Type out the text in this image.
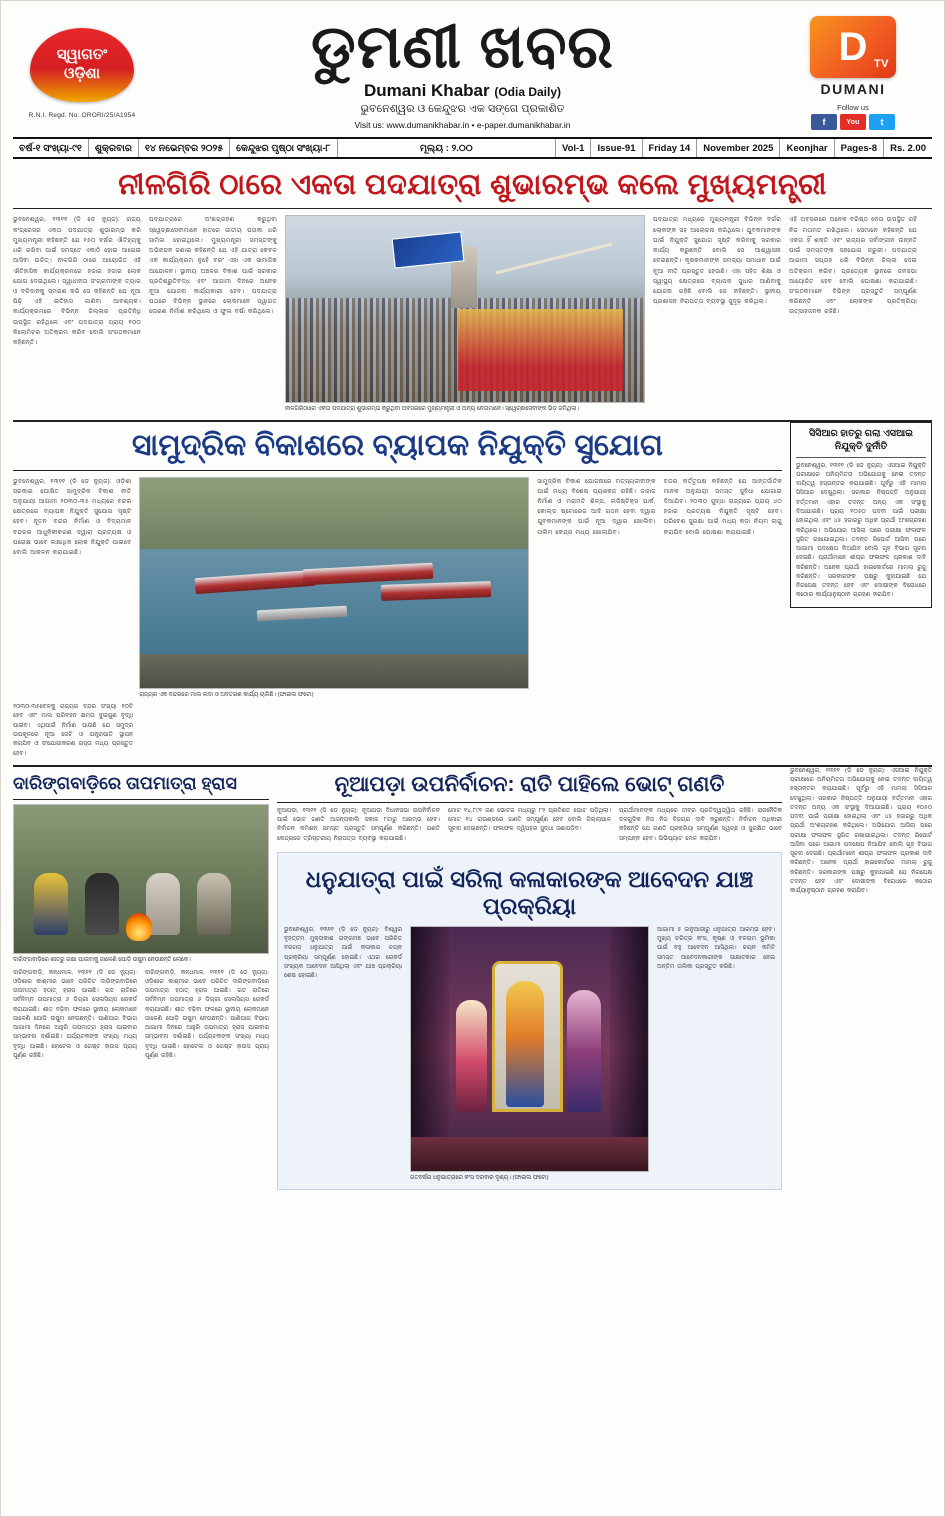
ସ୍ୱାଗତଂ
ଓଡ଼ିଶା
R.N.I. Regd. No. ORORI/25/A1954
ଡୁମଣୀ ଖବର
Dumani Khabar (Odia Daily)
ଭୁବନେଶ୍ୱର ଓ କେନ୍ଦୁଝର ଏକ ସଙ୍ଗେ ପ୍ରକାଶିତ
Visit us: www.dumanikhabar.in • e-paper.dumanikhabar.in
D TV
DUMANI
Follow us
f	You	t
ବର୍ଷ-୧ ସଂଖ୍ୟା-୯୧	ଶୁକ୍ରବାର	୧୪ ନଭେମ୍ବର ୨୦୨୫	କେନ୍ଦୁଝର ପୃଷ୍ଠା ସଂଖ୍ୟା-୮	ମୂଲ୍ୟ : ୨.୦୦	Vol-1	Issue-91	Friday 14	November 2025	Keonjhar	Pages-8	Rs. 2.00
ନୀଳଗିରି ଠାରେ ଏକତା ପଦଯାତ୍ରା ଶୁଭାରମ୍ଭ କଲେ ମୁଖ୍ୟମନ୍ତ୍ରୀ
ଭୁବନେଶ୍ୱର, ୧୩୧୧ (ଡି ଡେ ନ୍ୟୁଜ): ରାଜ୍ୟ କଂଗ୍ରେସର ଏକତା ପଦଯାତ୍ରା ଶୁଭାରମ୍ଭ କରି ମୁଖ୍ୟମନ୍ତ୍ରୀ କହିଛନ୍ତି ଯେ ୧୫୦ ବର୍ଷର ଐତିହ୍ୟକୁ ଧରି ରଖିବା ପାଇଁ ସମସ୍ତେ ଏକାଠି ହୋଇ ଆଗେଇ ଆସିବା ଉଚିତ୍। ନୀଳଗିରି ଠାରେ ଆୟୋଜିତ ଏହି ଐତିହାସିକ କାର୍ଯ୍ୟକ୍ରମରେ ହଜାର ହଜାର ଲୋକ ଯୋଗ ଦେଇଥିଲେ। ସ୍ୱାଧୀନତା ସଂଗ୍ରାମୀଙ୍କ ତ୍ୟାଗ ଓ ବଳିଦାନକୁ ସ୍ମରଣ କରି ସେ କହିଛନ୍ତି ଯେ ନୂଆ ପିଢ଼ି ଏହି ଇତିହାସ ଜାଣିବା ଆବଶ୍ୟକ। କାର୍ଯ୍ୟକ୍ରମରେ ବିଭିନ୍ନ ଜିଲ୍ଲାର ପ୍ରତିନିଧି ଉପସ୍ଥିତ ରହିଥିଲେ ଏବଂ ପଦଯାତ୍ରା ପ୍ରାୟ ୧୦୦ କିଲୋମିଟର ଅତିକ୍ରମ କରିବ ବୋଲି ସଂଗଠକମାନେ କହିଛନ୍ତି।
ପଦଯାତ୍ରାରେ ଅଂଶଗ୍ରହଣ କରୁଥିବା ସ୍ୱେଚ୍ଛାସେବୀମାନେ ହାତରେ ଜାତୀୟ ପତାକା ଧରି ସାମିଲ ହୋଇଥିଲେ। ମୁଖ୍ୟମନ୍ତ୍ରୀ ସମସ୍ତଙ୍କୁ ଅଭିନନ୍ଦନ ଜଣାଇ କହିଛନ୍ତି ଯେ ଏହି ଯାତ୍ରା କେବଳ ଏକ କାର୍ଯ୍ୟକ୍ରମ ନୁହେଁ ବରଂ ଏହା ଏକ ସାମାଜିକ ଆନ୍ଦୋଳନ। ସ୍ଥାନୀୟ ଅଞ୍ଚଳର ବିକାଶ ପାଇଁ ସରକାର ପ୍ରତିଶ୍ରୁତିବଦ୍ଧ ଏବଂ ଆଗାମୀ ଦିନରେ ଅନେକ ନୂଆ ଯୋଜନା କାର୍ଯ୍ୟକାରୀ ହେବ। ପଦଯାତ୍ରା ପଥରେ ବିଭିନ୍ନ ସ୍ଥାନରେ ଲୋକମାନେ ସ୍ୱାଗତ ତୋରଣ ନିର୍ମାଣ କରିଥିଲେ ଓ ଫୁଲ ବର୍ଷା କରିଥିଲେ।
ନୀଳଗିରିଠାରେ ଏକତା ପଦଯାତ୍ରା ଶୁଭାରମ୍ଭ କରୁଥିବା ଅବସରରେ ମୁଖ୍ୟମନ୍ତ୍ରୀ ଓ ଅନ୍ୟ ନେତାମାନେ। ସ୍ୱେଚ୍ଛାସେବୀଙ୍କ ଭିଡ଼ ଜମିଥିଲା।
ପଦଯାତ୍ରା ମଧ୍ୟରେ ମୁଖ୍ୟମନ୍ତ୍ରୀ ବିଭିନ୍ନ ବର୍ଗର ଲୋକଙ୍କ ସହ ଆଲୋଚନା କରିଥିଲେ। ଯୁବକମାନଙ୍କ ପାଇଁ ନିଯୁକ୍ତି ସୁଯୋଗ ସୃଷ୍ଟି କରିବାକୁ ସରକାର କାର୍ଯ୍ୟ କରୁଛନ୍ତି ବୋଲି ସେ ଆଶ୍ୱାସନା ଦେଇଛନ୍ତି। କୃଷକମାନଙ୍କ ସମସ୍ୟା ସମାଧାନ ପାଇଁ ନୂଆ ନୀତି ପ୍ରସ୍ତୁତ ହେଉଛି। ଏହା ସହିତ ଶିକ୍ଷା ଓ ସ୍ୱାସ୍ଥ୍ୟ କ୍ଷେତ୍ରରେ ବ୍ୟାପକ ସୁଧାର ଆଣିବାକୁ ଯୋଜନା ରହିଛି ବୋଲି ସେ କହିଛନ୍ତି। ସ୍ଥାନୀୟ ପ୍ରଶାସନ ନିରାପତ୍ତା ବ୍ୟବସ୍ଥା ସୁଦୃଢ଼ କରିଥିଲା।
ଏହି ଅବସରରେ ଅନେକ ବରିଷ୍ଠ ନେତା ଉପସ୍ଥିତ ରହି ନିଜ ମତାମତ ରଖିଥିଲେ। ସେମାନେ କହିଛନ୍ତି ଯେ ଏକତା ହିଁ ଶକ୍ତି ଏବଂ ରାଜ୍ୟର ସର୍ବାଙ୍ଗୀନ ଉନ୍ନତି ପାଇଁ ସମସ୍ତଙ୍କ ସହଯୋଗ ଜରୁରୀ। ପଦଯାତ୍ରା ଆଗାମୀ ସପ୍ତାହ ଧରି ବିଭିନ୍ନ ଜିଲ୍ଲା ଦେଇ ଅତିକ୍ରମ କରିବ। ପ୍ରତ୍ୟେକ ସ୍ଥାନରେ ଜନସଭା ଆୟୋଜିତ ହେବ ବୋଲି ଘୋଷଣା କରାଯାଇଛି। ସଂଗଠକମାନେ ବିଭିନ୍ନ ପ୍ରସ୍ତୁତି ସମ୍ପୂର୍ଣ୍ଣ କରିଛନ୍ତି ଏବଂ ଲୋକଙ୍କ ପ୍ରତିକ୍ରିୟା ଉତ୍ସାହଜନକ ରହିଛି।
ସାମୁଦ୍ରିକ ବିକାଶରେ ବ୍ୟାପକ ନିଯୁକ୍ତି ସୁଯୋଗ
ଭୁବନେଶ୍ୱର, ୧୩୧୧ (ଡି ଡେ ନ୍ୟୁଜ): ଓଡ଼ିଶା ସରକାର ଘୋଷିତ ସାମୁଦ୍ରିକ ବିକାଶ ନୀତି ଅନୁଯାୟୀ ଆଗାମୀ ୨୦୩୦-୩୫ ମଧ୍ୟରେ ବନ୍ଦର କ୍ଷେତ୍ରରେ ବ୍ୟାପକ ନିଯୁକ୍ତି ସୁଯୋଗ ସୃଷ୍ଟି ହେବ। ନୂତନ ବନ୍ଦର ନିର୍ମାଣ ଓ ବିଦ୍ୟମାନ ବନ୍ଦରର ଆଧୁନିକୀକରଣ ଦ୍ୱାରା ପ୍ରତ୍ୟକ୍ଷ ଓ ପରୋକ୍ଷ ଭାବେ ଲକ୍ଷାଧିକ ଲୋକ ନିଯୁକ୍ତି ପାଇବେ ବୋଲି ଆକଳନ କରାଯାଇଛି।
ରାଜ୍ୟର ଏକ ବନ୍ଦରରେ ମାଲ ଲଦା ଓ ଅବତରଣ କାର୍ଯ୍ୟ ଚାଲିଛି। (ଫାଇଲ ଫଟୋ)
ସାମୁଦ୍ରିକ ବିକାଶ ଯୋଜନାରେ ମତ୍ସ୍ୟଜୀବୀଙ୍କ ପାଇଁ ମଧ୍ୟ ବିଶେଷ ପ୍ୟାକେଜ ରହିଛି। ଜାହାଜ ନିର୍ମାଣ ଓ ମରାମତି ଶିଳ୍ପ, ଲଜିଷ୍ଟିକ୍ସ ପାର୍କ, କୋଲ୍ଡ ଷ୍ଟୋରେଜ ଆଦି ଗଠନ ହେବା ଦ୍ୱାରା ଯୁବକମାନଙ୍କ ପାଇଁ ନୂଆ ଦ୍ୱାର ଖୋଲିବ। ତାଲିମ କେନ୍ଦ୍ର ମଧ୍ୟ ଖୋଲାଯିବ।
ବନ୍ଦର କର୍ତ୍ତୃପକ୍ଷ କହିଛନ୍ତି ଯେ ଆନ୍ତର୍ଜାତିକ ମାନକ ଅନୁଯାୟୀ ସମସ୍ତ ସୁବିଧା ଯୋଗାଇ ଦିଆଯିବ। ୨୦୩୦ ସୁଦ୍ଧା ରାଜ୍ୟରେ ପ୍ରାୟ ୪୦ ହଜାର ପ୍ରତ୍ୟକ୍ଷ ନିଯୁକ୍ତି ସୃଷ୍ଟି ହେବ। ପରିବେଶ ସୁରକ୍ଷା ପାଇଁ ମଧ୍ୟ କଡ଼ା ନିୟମ ଲାଗୁ କରାଯିବ ବୋଲି ଘୋଷଣା କରାଯାଇଛି।
୨୦୩୦-୩୫ବେଳକୁ ରାଜ୍ୟର ବନ୍ଦର ସଂଖ୍ୟା ୧୦ଟି ହେବ ଏବଂ ମାଲ ପରିବହନ କ୍ଷମତା ଦୁଇଗୁଣ ବୃଦ୍ଧି ପାଇବ। ଏଥିପାଇଁ ନିର୍ମାଣ ପାଉଛି ଯେ ସମୁଦ୍ର ଉପକୂଳରେ ନୂଆ ଜେଟି ଓ ଯନ୍ତ୍ରପାତି ସ୍ଥାପନ କରାଯିବ ଓ ସଂଯୋଗୀକରଣ ରାସ୍ତା ମଧ୍ୟ ପ୍ରସ୍ତୁତ ହେବ।
ସିସିଆର ହାତରୁ ଗଲା ଏସଆଇ ନିଯୁକ୍ତି ଦୁର୍ନୀତି
ଭୁବନେଶ୍ୱର, ୧୩୧୧ (ଡି ଡେ ନ୍ୟୁଜ): ଏସଆଇ ନିଯୁକ୍ତି ପରୀକ୍ଷାରେ ଅନିୟମିତତା ଅଭିଯୋଗକୁ ନେଇ ତଦନ୍ତ ଦାୟିତ୍ୱ ହସ୍ତାନ୍ତର କରାଯାଇଛି। ପୂର୍ବରୁ ଏହି ମାମଲା ସିସିଆର ଦେଖୁଥିଲା। ସରକାର ନିଷ୍ପତ୍ତି ଅନୁଯାୟୀ ବର୍ତ୍ତମାନ ଏହାର ତଦନ୍ତ ଅନ୍ୟ ଏକ ସଂସ୍ଥାକୁ ଦିଆଯାଇଛି। ପ୍ରାୟ ୧୦୫୦ ପଦବୀ ପାଇଁ ପରୀକ୍ଷା ହୋଇଥିଲା ଏବଂ ୪୫ ହଜାରରୁ ଅଧିକ ପ୍ରାର୍ଥୀ ଅଂଶଗ୍ରହଣ କରିଥିଲେ। ଅଭିଯୋଗ ଆସିଲା ପରେ ପରୀକ୍ଷା ଫଳାଫଳ ସ୍ଥଗିତ ରଖାଯାଇଥିଲା। ତଦନ୍ତ ରିପୋର୍ଟ ଆସିବା ପରେ ଆଗାମୀ ପଦକ୍ଷେପ ନିଆଯିବ ବୋଲି ଗୃହ ବିଭାଗ ସୂଚନା ଦେଇଛି। ପ୍ରାର୍ଥୀମାନେ ଶୀଘ୍ର ଫଳାଫଳ ପ୍ରକାଶ ଦାବି କରିଛନ୍ତି। ଅନେକ ପ୍ରାର୍ଥୀ ହାଇକୋର୍ଟରେ ମାମଲା ରୁଜୁ କରିଛନ୍ତି। ସରକାରଙ୍କ ପକ୍ଷରୁ କୁହାଯାଇଛି ଯେ ନିରପେକ୍ଷ ତଦନ୍ତ ହେବ ଏବଂ ଦୋଷୀଙ୍କ ବିରୋଧରେ କଠୋର କାର୍ଯ୍ୟାନୁଷ୍ଠାନ ଗ୍ରହଣ କରାଯିବ।
ଦାରିଙ୍ଗବାଡ଼ିରେ ତାପମାତ୍ରା ହ୍ରାସ
ଦାରିଙ୍ଗବାଡ଼ିରେ ଶୀତରୁ ରକ୍ଷା ପାଇବାକୁ ଜାଳେଣି ପୋଡ଼ି ଉଷୁମ ନେଉଛନ୍ତି ଲୋକେ।
ଦାରିଙ୍ଗବାଡ଼ି, କନ୍ଧମାଳ, ୧୩୧୧ (ଡି ଡେ ନ୍ୟୁଜ): ଓଡ଼ିଶାର କାଶ୍ମୀର ଭାବେ ପରିଚିତ ଦାରିଙ୍ଗବାଡ଼ିରେ ତାପମାତ୍ରା ହଠାତ୍ ହ୍ରାସ ପାଇଛି। ଗତ ରାତିରେ ସର୍ବନିମ୍ନ ତାପମାତ୍ରା ୬ ଡିଗ୍ରୀ ସେଲସିୟସ ରେକର୍ଡ କରାଯାଇଛି। ଶୀତ ବଢ଼ିବା ଫଳରେ ସ୍ଥାନୀୟ ଲୋକମାନେ ଜାଳେଣି ପୋଡ଼ି ଉଷୁମ ନେଉଛନ୍ତି। ପାଣିପାଗ ବିଭାଗ ଆଗାମୀ ଦିନରେ ଆହୁରି ତାପମାତ୍ରା ହ୍ରାସ ପାଇବାର ସମ୍ଭାବନା ଦର୍ଶାଇଛି। ପର୍ଯ୍ୟଟକଙ୍କ ସଂଖ୍ୟା ମଧ୍ୟ ବୃଦ୍ଧି ପାଇଛି। ହୋଟେଲ ଓ ଗେଷ୍ଟ ହାଉସ ପ୍ରାୟ ପୂର୍ଣ୍ଣ ରହିଛି।
ଦାରିଙ୍ଗବାଡ଼ି, କନ୍ଧମାଳ, ୧୩୧୧ (ଡି ଡେ ନ୍ୟୁଜ): ଓଡ଼ିଶାର କାଶ୍ମୀର ଭାବେ ପରିଚିତ ଦାରିଙ୍ଗବାଡ଼ିରେ ତାପମାତ୍ରା ହଠାତ୍ ହ୍ରାସ ପାଇଛି। ଗତ ରାତିରେ ସର୍ବନିମ୍ନ ତାପମାତ୍ରା ୬ ଡିଗ୍ରୀ ସେଲସିୟସ ରେକର୍ଡ କରାଯାଇଛି। ଶୀତ ବଢ଼ିବା ଫଳରେ ସ୍ଥାନୀୟ ଲୋକମାନେ ଜାଳେଣି ପୋଡ଼ି ଉଷୁମ ନେଉଛନ୍ତି। ପାଣିପାଗ ବିଭାଗ ଆଗାମୀ ଦିନରେ ଆହୁରି ତାପମାତ୍ରା ହ୍ରାସ ପାଇବାର ସମ୍ଭାବନା ଦର୍ଶାଇଛି। ପର୍ଯ୍ୟଟକଙ୍କ ସଂଖ୍ୟା ମଧ୍ୟ ବୃଦ୍ଧି ପାଇଛି। ହୋଟେଲ ଓ ଗେଷ୍ଟ ହାଉସ ପ୍ରାୟ ପୂର୍ଣ୍ଣ ରହିଛି।
ନୂଆପଡ଼ା ଉପନିର୍ବାଚନ: ରାତି ପାହିଲେ ଭୋଟ୍ ଗଣତି
ନୂଆପଡ଼ା, ୧୩୧୧ (ଡି ଡେ ନ୍ୟୁଜ): ନୂଆପଡ଼ା ବିଧାନସଭା ଉପନିର୍ବାଚନ ପାଇଁ ଭୋଟ ଗଣତି ଆସନ୍ତାକାଲି ସକାଳ ୮ଟାରୁ ଆରମ୍ଭ ହେବ। ନିର୍ବାଚନ କମିଶନ ସମସ୍ତ ପ୍ରସ୍ତୁତି ସମ୍ପୂର୍ଣ୍ଣ କରିଛନ୍ତି। ଗଣତି କେନ୍ଦ୍ରରେ ତ୍ରିସ୍ତରୀୟ ନିରାପତ୍ତା ବ୍ୟବସ୍ଥା କରାଯାଇଛି।
ମୋଟ ୧୪,୮୯୧ ଜଣ ଭୋଟର ମଧ୍ୟରୁ ୮୨ ପ୍ରତିଶତ ଭୋଟ ପଡ଼ିଥିଲା। ମୋଟ ୧୪ ରାଉଣ୍ଡରେ ଗଣତି ସମ୍ପୂର୍ଣ୍ଣ ହେବ ବୋଲି ଜିଲ୍ଲାପାଳ ସୂଚନା ଦେଇଛନ୍ତି। ଫଳାଫଳ ଦ୍ୱିପହର ସୁଦ୍ଧା ଜଣାପଡ଼ିବ।
ପ୍ରାର୍ଥୀମାନଙ୍କ ମଧ୍ୟରେ ତୀବ୍ର ପ୍ରତିଦ୍ୱନ୍ଦ୍ୱିତା ରହିଛି। ରାଜନୈତିକ ଦଳଗୁଡ଼ିକ ନିଜ ନିଜ ବିଜୟର ଦାବି କରୁଛନ୍ତି। ନିର୍ବାଚନ ଅଧିକାରୀ କହିଛନ୍ତି ଯେ ଗଣତି ପ୍ରକ୍ରିୟା ସମ୍ପୂର୍ଣ୍ଣ ସ୍ୱଚ୍ଛ ଓ ସୁରକ୍ଷିତ ଭାବେ ସମ୍ପନ୍ନ ହେବ। ଭିଭିପ୍ୟାଟ ମେଳ କରାଯିବ।
ଧନୁଯାତ୍ରା ପାଇଁ ସରିଲା କଳାକାରଙ୍କ ଆବେଦନ ଯାଞ୍ଚ ପ୍ରକ୍ରିୟା
ଭୁବନେଶ୍ୱର, ୧୩୧୧ (ଡି ଡେ ନ୍ୟୁଜ): ବିଶ୍ୱର ବୃହତ୍ତମ ମୁକ୍ତାକାଶ ରଙ୍ଗମଞ୍ଚ ଭାବେ ପରିଚିତ ବରଗଡ଼ ଧନୁଯାତ୍ରା ପାଇଁ କଳାକାର ଚୟନ ପ୍ରକ୍ରିୟା ସମ୍ପୂର୍ଣ୍ଣ ହୋଇଛି। ଏଥର ରେକର୍ଡ ସଂଖ୍ୟକ ଆବେଦନ ଆସିଥିଲା ଏବଂ ଯାଞ୍ଚ ପ୍ରକ୍ରିୟା ଶେଷ ହୋଇଛି।
ଗତବର୍ଷର ଧନୁଯାତ୍ରାରେ କଂସ ଦରବାର ଦୃଶ୍ୟ। (ଫାଇଲ ଫଟୋ)
ଆଗାମୀ ୫ ଜାନୁଆରୀରୁ ଧନୁଯାତ୍ରା ଆରମ୍ଭ ହେବ। ମୁଖ୍ୟ ଚରିତ୍ର କଂସ, କୃଷ୍ଣ ଓ ବଳରାମ ଭୂମିକା ପାଇଁ ବହୁ ଆବେଦନ ଆସିଥିଲା। ଚୟନ କମିଟି ସମସ୍ତ ଆବେଦନକାରୀଙ୍କ ସାକ୍ଷାତକାର ନେଇ ଅନ୍ତିମ ତାଲିକା ପ୍ରସ୍ତୁତ କରିଛି।
ଭୁବନେଶ୍ୱର, ୧୩୧୧ (ଡି ଡେ ନ୍ୟୁଜ): ଏସଆଇ ନିଯୁକ୍ତି ପରୀକ୍ଷାରେ ଅନିୟମିତତା ଅଭିଯୋଗକୁ ନେଇ ତଦନ୍ତ ଦାୟିତ୍ୱ ହସ୍ତାନ୍ତର କରାଯାଇଛି। ପୂର୍ବରୁ ଏହି ମାମଲା ସିସିଆର ଦେଖୁଥିଲା। ସରକାର ନିଷ୍ପତ୍ତି ଅନୁଯାୟୀ ବର୍ତ୍ତମାନ ଏହାର ତଦନ୍ତ ଅନ୍ୟ ଏକ ସଂସ୍ଥାକୁ ଦିଆଯାଇଛି। ପ୍ରାୟ ୧୦୫୦ ପଦବୀ ପାଇଁ ପରୀକ୍ଷା ହୋଇଥିଲା ଏବଂ ୪୫ ହଜାରରୁ ଅଧିକ ପ୍ରାର୍ଥୀ ଅଂଶଗ୍ରହଣ କରିଥିଲେ। ଅଭିଯୋଗ ଆସିଲା ପରେ ପରୀକ୍ଷା ଫଳାଫଳ ସ୍ଥଗିତ ରଖାଯାଇଥିଲା। ତଦନ୍ତ ରିପୋର୍ଟ ଆସିବା ପରେ ଆଗାମୀ ପଦକ୍ଷେପ ନିଆଯିବ ବୋଲି ଗୃହ ବିଭାଗ ସୂଚନା ଦେଇଛି। ପ୍ରାର୍ଥୀମାନେ ଶୀଘ୍ର ଫଳାଫଳ ପ୍ରକାଶ ଦାବି କରିଛନ୍ତି। ଅନେକ ପ୍ରାର୍ଥୀ ହାଇକୋର୍ଟରେ ମାମଲା ରୁଜୁ କରିଛନ୍ତି। ସରକାରଙ୍କ ପକ୍ଷରୁ କୁହାଯାଇଛି ଯେ ନିରପେକ୍ଷ ତଦନ୍ତ ହେବ ଏବଂ ଦୋଷୀଙ୍କ ବିରୋଧରେ କଠୋର କାର୍ଯ୍ୟାନୁଷ୍ଠାନ ଗ୍ରହଣ କରାଯିବ।
